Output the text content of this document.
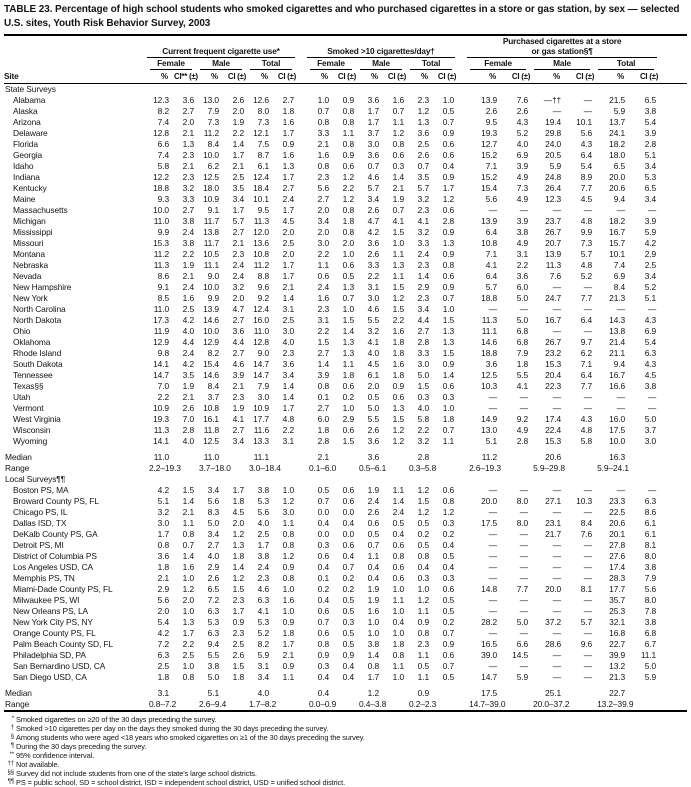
TABLE 23. Percentage of high school students who smoked cigarettes and who purchased cigarettes in a store or gas station, by sex — selected U.S. sites, Youth Risk Behavior Survey, 2003
Site	Current frequent cigarette use*							Smoked >10 cigarettes/day†							Purchased cigarettes at a store or gas station§¶						

	Female		Male		Total			Female		Male		Total			Female		Male		Total		

	%	CI** (±)	%	CI (±)	%	CI (±)		%	CI (±)	%	CI (±)	%	CI (±)		%	CI (±)	%	CI (±)	%	CI (±)	
State Surveys																					
Alabama	12.3	3.6	13.0	2.6	12.6	2.7		1.0	0.9	3.6	1.6	2.3	1.0		13.9	7.6	—††	—	21.5	6.5	
Alaska	8.2	2.7	7.9	2.0	8.0	1.8		0.7	0.8	1.7	0.7	1.2	0.5		2.6	2.6	—	—	5.9	3.8	
Arizona	7.4	2.0	7.3	1.9	7.3	1.6		0.8	0.8	1.7	1.1	1.3	0.7		9.5	4.3	19.4	10.1	13.7	5.4	
Delaware	12.8	2.1	11.2	2.2	12.1	1.7		3.3	1.1	3.7	1.2	3.6	0.9		19.3	5.2	29.8	5.6	24.1	3.9	
Florida	6.6	1.3	8.4	1.4	7.5	0.9		2.1	0.8	3.0	0.8	2.5	0.6		12.7	4.0	24.0	4.3	18.2	2.8	
Georgia	7.4	2.3	10.0	1.7	8.7	1.6		1.6	0.9	3.6	0.6	2.6	0.6		15.2	6.9	20.5	6.4	18.0	5.1	
Idaho	5.8	2.1	6.2	2.1	6.1	1.3		0.8	0.6	0.7	0.3	0.7	0.4		7.1	3.9	5.9	5.4	6.5	3.4	
Indiana	12.2	2.3	12.5	2.5	12.4	1.7		2.3	1.2	4.6	1.4	3.5	0.9		15.2	4.9	24.8	8.9	20.0	5.3	
Kentucky	18.8	3.2	18.0	3.5	18.4	2.7		5.6	2.2	5.7	2.1	5.7	1.7		15.4	7.3	26.4	7.7	20.6	6.5	
Maine	9.3	3.3	10.9	3.4	10.1	2.4		2.7	1.2	3.4	1.9	3.2	1.2		5.6	4.9	12.3	4.5	9.4	3.4	
Massachusetts	10.0	2.7	9.1	1.7	9.5	1.7		2.0	0.8	2.6	0.7	2.3	0.6		—	—	—	—	—	—	
Michigan	11.0	3.8	11.7	5.7	11.3	4.5		3.4	1.8	4.7	4.1	4.1	2.8		13.9	3.9	23.7	4.8	18.2	3.9	
Mississippi	9.9	2.4	13.8	2.7	12.0	2.0		2.0	0.8	4.2	1.5	3.2	0.9		6.4	3.8	26.7	9.9	16.7	5.9	
Missouri	15.3	3.8	11.7	2.1	13.6	2.5		3.0	2.0	3.6	1.0	3.3	1.3		10.8	4.9	20.7	7.3	15.7	4.2	
Montana	11.2	2.2	10.5	2.3	10.8	2.0		2.2	1.0	2.6	1.1	2.4	0.9		7.1	3.1	13.9	5.7	10.1	2.9	
Nebraska	11.3	1.9	11.1	2.4	11.2	1.7		1.1	0.6	3.3	1.3	2.3	0.8		4.1	2.2	11.3	4.8	7.4	2.5	
Nevada	8.6	2.1	9.0	2.4	8.8	1.7		0.6	0.5	2.2	1.1	1.4	0.6		6.4	3.6	7.6	5.2	6.9	3.4	
New Hampshire	9.1	2.4	10.0	3.2	9.6	2.1		2.4	1.3	3.1	1.5	2.9	0.9		5.7	6.0	—	—	8.4	5.2	
New York	8.5	1.6	9.9	2.0	9.2	1.4		1.6	0.7	3.0	1.2	2.3	0.7		18.8	5.0	24.7	7.7	21.3	5.1	
North Carolina	11.0	2.5	13.9	4.7	12.4	3.1		2.3	1.0	4.6	1.5	3.4	1.0		—	—	—	—	—	—	
North Dakota	17.3	4.2	14.6	2.7	16.0	2.5		3.1	1.5	5.5	2.2	4.4	1.5		11.3	5.0	16.7	6.4	14.3	4.3	
Ohio	11.9	4.0	10.0	3.6	11.0	3.0		2.2	1.4	3.2	1.6	2.7	1.3		11.1	6.8	—	—	13.8	6.9	
Oklahoma	12.9	4.4	12.9	4.4	12.8	4.0		1.5	1.3	4.1	1.8	2.8	1.3		14.6	6.8	26.7	9.7	21.4	5.4	
Rhode Island	9.8	2.4	8.2	2.7	9.0	2.3		2.7	1.3	4.0	1.8	3.3	1.5		18.8	7.9	23.2	6.2	21.1	6.3	
South Dakota	14.1	4.2	15.4	4.6	14.7	3.6		1.4	1.1	4.5	1.6	3.0	0.9		3.6	1.8	15.3	7.1	9.4	4.3	
Tennessee	14.7	3.5	14.6	3.9	14.7	3.4		3.9	1.8	6.1	1.8	5.0	1.4		12.5	5.5	20.4	6.4	16.7	4.5	
Texas§§	7.0	1.9	8.4	2.1	7.9	1.4		0.8	0.6	2.0	0.9	1.5	0.6		10.3	4.1	22.3	7.7	16.6	3.8	
Utah	2.2	2.1	3.7	2.3	3.0	1.4		0.1	0.2	0.5	0.6	0.3	0.3		—	—	—	—	—	—	
Vermont	10.9	2.6	10.8	1.9	10.9	1.7		2.7	1.0	5.0	1.3	4.0	1.0		—	—	—	—	—	—	
West Virginia	19.3	7.0	16.1	4.1	17.7	4.8		6.0	2.9	5.5	1.5	5.8	1.8		14.9	9.2	17.4	4.3	16.0	5.0	
Wisconsin	11.3	2.8	11.8	2.7	11.6	2.2		1.8	0.6	2.6	1.2	2.2	0.7		13.0	4.9	22.4	4.8	17.5	3.7	
Wyoming	14.1	4.0	12.5	3.4	13.3	3.1		2.8	1.5	3.6	1.2	3.2	1.1		5.1	2.8	15.3	5.8	10.0	3.0	

Median	11.0		11.0		11.1			2.1		3.6		2.8			11.2		20.6		16.3		
Range	2.2–19.3		3.7–18.0		3.0–18.4			0.1–6.0		0.5–6.1		0.3–5.8			2.6–19.3		5.9–29.8		5.9–24.1		
Local Surveys¶¶																					
Boston PS, MA	4.2	1.5	3.4	1.7	3.8	1.0		0.5	0.6	1.9	1.1	1.2	0.6		—	—	—	—	—	—	
Broward County PS, FL	5.1	1.4	5.6	1.8	5.3	1.2		0.7	0.6	2.4	1.4	1.5	0.8		20.0	8.0	27.1	10.3	23.3	6.3	
Chicago PS, IL	3.2	2.1	8.3	4.5	5.6	3.0		0.0	0.0	2.6	2.4	1.2	1.2		—	—	—	—	22.5	8.6	
Dallas ISD, TX	3.0	1.1	5.0	2.0	4.0	1.1		0.4	0.4	0.6	0.5	0.5	0.3		17.5	8.0	23.1	8.4	20.6	6.1	
DeKalb County PS, GA	1.7	0.8	3.4	1.2	2.5	0.8		0.0	0.0	0.5	0.4	0.2	0.2		—	—	21.7	7.6	20.1	6.1	
Detroit PS, MI	0.8	0.7	2.7	1.3	1.7	0.8		0.3	0.6	0.7	0.6	0.5	0.4		—	—	—	—	27.8	8.1	
District of Columbia PS	3.6	1.4	4.0	1.8	3.8	1.2		0.6	0.4	1.1	0.8	0.8	0.5		—	—	—	—	27.6	8.0	
Los Angeles USD, CA	1.8	1.6	2.9	1.4	2.4	0.9		0.4	0.7	0.4	0.6	0.4	0.4		—	—	—	—	17.4	3.8	
Memphis PS, TN	2.1	1.0	2.6	1.2	2.3	0.8		0.1	0.2	0.4	0.6	0.3	0.3		—	—	—	—	28.3	7.9	
Miami-Dade County PS, FL	2.9	1.2	6.5	1.5	4.6	1.0		0.2	0.2	1.9	1.0	1.0	0.6		14.8	7.7	20.0	8.1	17.7	5.6	
Milwaukee PS, WI	5.6	2.0	7.2	2.3	6.3	1.6		0.4	0.5	1.9	1.1	1.2	0.5		—	—	—	—	35.7	8.0	
New Orleans PS, LA	2.0	1.0	6.3	1.7	4.1	1.0		0.6	0.5	1.6	1.0	1.1	0.5		—	—	—	—	25.3	7.8	
New York City PS, NY	5.4	1.3	5.3	0.9	5.3	0.9		0.7	0.3	1.0	0.4	0.9	0.2		28.2	5.0	37.2	5.7	32.1	3.8	
Orange County PS, FL	4.2	1.7	6.3	2.3	5.2	1.8		0.6	0.5	1.0	1.0	0.8	0.7		—	—	—	—	16.8	6.8	
Palm Beach County SD, FL	7.2	2.2	9.4	2.5	8.2	1.7		0.8	0.5	3.8	1.8	2.3	0.9		16.5	6.6	28.6	9.6	22.7	6.7	
Philadelphia SD, PA	6.3	2.5	5.5	2.6	5.9	2.1		0.9	0.9	1.4	0.8	1.1	0.6		39.0	14.5	—	—	39.9	11.1	
San Bernardino USD, CA	2.5	1.0	3.8	1.5	3.1	0.9		0.3	0.4	0.8	1.1	0.5	0.7		—	—	—	—	13.2	5.0	
San Diego USD, CA	1.8	0.8	5.0	1.8	3.4	1.1		0.4	0.4	1.7	1.0	1.1	0.5		14.7	5.9	—	—	21.3	5.9	

Median	3.1		5.1		4.0			0.4		1.2		0.9			17.5		25.1		22.7		
Range	0.8–7.2		2.6–9.4		1.7–8.2			0.0–0.9		0.4–3.8		0.2–2.3			14.7–39.0		20.0–37.2		13.2–39.9		
* Smoked cigarettes on ≥20 of the 30 days preceding the survey.
† Smoked >10 cigarettes per day on the days they smoked during the 30 days preceding the survey.
§ Among students who were aged <18 years who smoked cigarettes on ≥1 of the 30 days preceding the survey.
¶ During the 30 days preceding the survey.
** 95% confidence interval.
†† Not available.
§§ Survey did not include students from one of the state's large school districts.
¶¶ PS = public school, SD = school district, ISD = independent school district, USD = unified school district.
